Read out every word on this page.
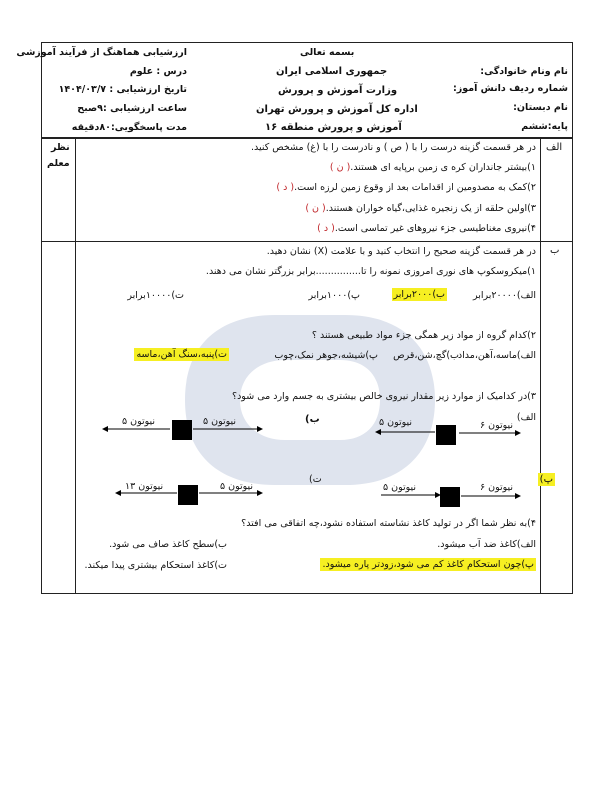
نام ونام خانوادگی:
شماره ردیف دانش آموز:
نام دبستان:
پایه:ششم
بسمه تعالی
جمهوری اسلامی ایران
وزارت آموزش و پرورش
اداره کل آموزش و پرورش تهران
آموزش و پرورش منطقه ۱۶
ارزشیابی هماهنگ از فرآیند آموزشی
درس : علوم
تاریخ ارزشیابی : ۱۴۰۴/۰۳/۷
ساعت ارزشیابی :۹صبح
مدت پاسخگویی:۸۰دقیقه
نظر
معلم
الف
در هر قسمت گزینه درست را با ( ص ) و نادرست را با (غ) مشخص کنید.
۱)بیشتر جانداران کره ی زمین برپایه ای هستند.( ن )
۲)کمک به مصدومین از اقدامات بعد از وقوع زمین لرزه است.( د )
۳)اولین حلقه از یک زنجیره غذایی،گیاه خواران هستند.( ن )
۴)نیروی مغناطیسی جزء نیروهای غیر تماسی است.( د )
ب
در هر قسمت گزینه صحیح را انتخاب کنید و با علامت (X) نشان دهید.
۱)میکروسکوپ های نوری امروزی نمونه را تا...............برابر بزرگتر نشان می دهند.
الف)۲۰۰۰۰برابر
ب)۲۰۰۰برابر
پ)۱۰۰۰برابر
ت)۱۰۰۰۰برابر
۲)کدام گروه از مواد زیر همگی جزء مواد طبیعی هستند ؟
الف)ماسه،آهن،مداد
ب)گچ،شن،قرص
پ)شیشه،جوهر نمک،چوب
ت)پنبه،سنگ آهن،ماسه
۳)در کدامیک از موارد زیر مقدار نیروی خالص بیشتری به جسم وارد می شود؟
الف)
ب)
پ)
ت)
۵ نیوتون	۶ نیوتون
۵ نیوتون	۵ نیوتون
۵ نیوتون	۶ نیوتون
۱۳ نیوتون	۵ نیوتون
۴)به نظر شما اگر در تولید کاغذ نشاسته استفاده نشود،چه اتفاقی می افتد؟
الف)کاغذ ضد آب میشود.
ب)سطح کاغذ صاف می شود.
پ)چون استحکام کاغذ کم می شود،زودتر پاره میشود.
ت)کاغذ استحکام بیشتری پیدا میکند.
